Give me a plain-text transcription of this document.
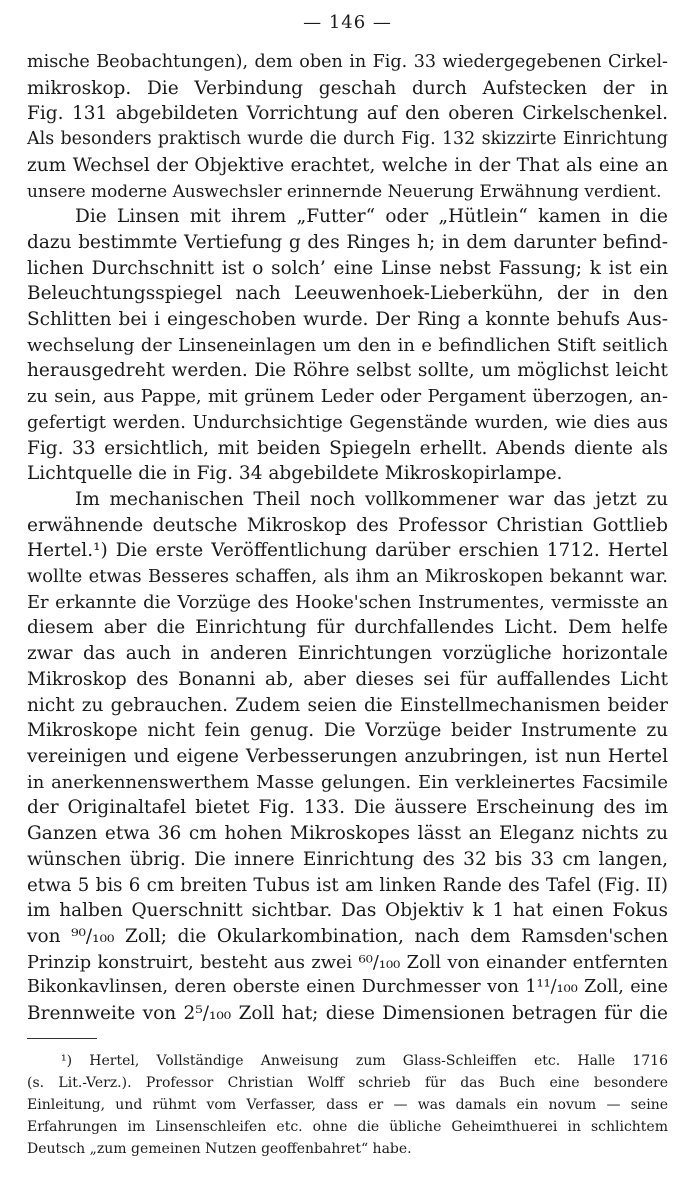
— 146 —
mische Beobachtungen), dem oben in Fig. 33 wiedergegebenen Cirkel-
mikroskop. Die Verbindung geschah durch Aufstecken der in
Fig. 131 abgebildeten Vorrichtung auf den oberen Cirkelschenkel.
Als besonders praktisch wurde die durch Fig. 132 skizzirte Einrichtung
zum Wechsel der Objektive erachtet, welche in der That als eine an
unsere moderne Auswechsler erinnernde Neuerung Erwähnung verdient.
Die Linsen mit ihrem „Futter“ oder „Hütlein“ kamen in die
dazu bestimmte Vertiefung g des Ringes h; in dem darunter befind-
lichen Durchschnitt ist o solch’ eine Linse nebst Fassung; k ist ein
Beleuchtungsspiegel nach Leeuwenhoek-Lieberkühn, der in den
Schlitten bei i eingeschoben wurde. Der Ring a konnte behufs Aus-
wechselung der Linseneinlagen um den in e befindlichen Stift seitlich
herausgedreht werden. Die Röhre selbst sollte, um möglichst leicht
zu sein, aus Pappe, mit grünem Leder oder Pergament überzogen, an-
gefertigt werden. Undurchsichtige Gegenstände wurden, wie dies aus
Fig. 33 ersichtlich, mit beiden Spiegeln erhellt. Abends diente als
Lichtquelle die in Fig. 34 abgebildete Mikroskopirlampe.
Im mechanischen Theil noch vollkommener war das jetzt zu
erwähnende deutsche Mikroskop des Professor Christian Gottlieb
Hertel.¹) Die erste Veröffentlichung darüber erschien 1712. Hertel
wollte etwas Besseres schaffen, als ihm an Mikroskopen bekannt war.
Er erkannte die Vorzüge des Hooke'schen Instrumentes, vermisste an
diesem aber die Einrichtung für durchfallendes Licht. Dem helfe
zwar das auch in anderen Einrichtungen vorzügliche horizontale
Mikroskop des Bonanni ab, aber dieses sei für auffallendes Licht
nicht zu gebrauchen. Zudem seien die Einstellmechanismen beider
Mikroskope nicht fein genug. Die Vorzüge beider Instrumente zu
vereinigen und eigene Verbesserungen anzubringen, ist nun Hertel
in anerkennenswerthem Masse gelungen. Ein verkleinertes Facsimile
der Originaltafel bietet Fig. 133. Die äussere Erscheinung des im
Ganzen etwa 36 cm hohen Mikroskopes lässt an Eleganz nichts zu
wünschen übrig. Die innere Einrichtung des 32 bis 33 cm langen,
etwa 5 bis 6 cm breiten Tubus ist am linken Rande des Tafel (Fig. II)
im halben Querschnitt sichtbar. Das Objektiv k 1 hat einen Fokus
von ⁹⁰/₁₀₀ Zoll; die Okularkombination, nach dem Ramsden'schen
Prinzip konstruirt, besteht aus zwei ⁶⁰/₁₀₀ Zoll von einander entfernten
Bikonkavlinsen, deren oberste einen Durchmesser von 1¹¹/₁₀₀ Zoll, eine
Brennweite von 2⁵/₁₀₀ Zoll hat; diese Dimensionen betragen für die
¹) Hertel, Vollständige Anweisung zum Glass-Schleiffen etc. Halle 1716
(s. Lit.-Verz.). Professor Christian Wolff schrieb für das Buch eine besondere
Einleitung, und rühmt vom Verfasser, dass er — was damals ein novum — seine
Erfahrungen im Linsenschleifen etc. ohne die übliche Geheimthuerei in schlichtem
Deutsch „zum gemeinen Nutzen geoffenbahret“ habe.
